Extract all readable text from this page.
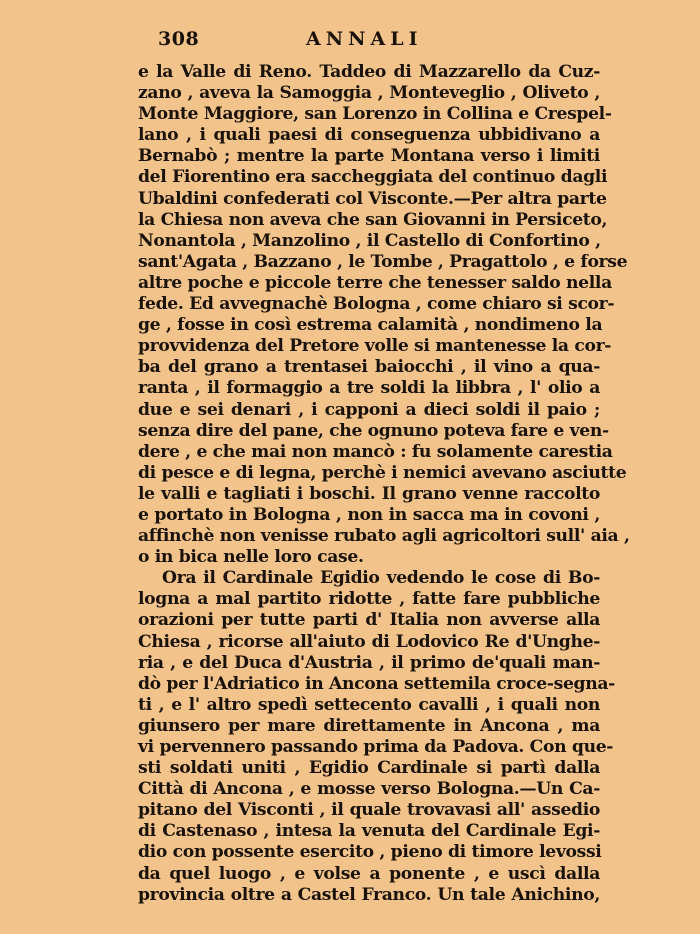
308	ANNALI
e la Valle di Reno. Taddeo di Mazzarello da Cuz-
zano , aveva la Samoggia , Monteveglio , Oliveto ,
Monte Maggiore, san Lorenzo in Collina e Crespel-
lano , i quali paesi di conseguenza ubbidivano a
Bernabò ; mentre la parte Montana verso i limiti
del Fiorentino era saccheggiata del continuo dagli
Ubaldini confederati col Visconte.—Per altra parte
la Chiesa non aveva che san Giovanni in Persiceto,
Nonantola , Manzolino , il Castello di Confortino ,
sant'Agata , Bazzano , le Tombe , Pragattolo , e forse
altre poche e piccole terre che tenesser saldo nella
fede. Ed avvegnachè Bologna , come chiaro si scor-
ge , fosse in così estrema calamità , nondimeno la
provvidenza del Pretore volle si mantenesse la cor-
ba del grano a trentasei baiocchi , il vino a qua-
ranta , il formaggio a tre soldi la libbra , l' olio a
due e sei denari , i capponi a dieci soldi il paio ;
senza dire del pane, che ognuno poteva fare e ven-
dere , e che mai non mancò : fu solamente carestia
di pesce e di legna, perchè i nemici avevano asciutte
le valli e tagliati i boschi. Il grano venne raccolto
e portato in Bologna , non in sacca ma in covoni ,
affinchè non venisse rubato agli agricoltori sull' aia ,
o in bica nelle loro case.
Ora il Cardinale Egidio vedendo le cose di Bo-
logna a mal partito ridotte , fatte fare pubbliche
orazioni per tutte parti d' Italia non avverse alla
Chiesa , ricorse all'aiuto di Lodovico Re d'Unghe-
ria , e del Duca d'Austria , il primo de'quali man-
dò per l'Adriatico in Ancona settemila croce-segna-
ti , e l' altro spedì settecento cavalli , i quali non
giunsero per mare direttamente in Ancona , ma
vi pervennero passando prima da Padova. Con que-
sti soldati uniti , Egidio Cardinale si partì dalla
Città di Ancona , e mosse verso Bologna.—Un Ca-
pitano del Visconti , il quale trovavasi all' assedio
di Castenaso , intesa la venuta del Cardinale Egi-
dio con possente esercito , pieno di timore levossi
da quel luogo , e volse a ponente , e uscì dalla
provincia oltre a Castel Franco. Un tale Anichino,
